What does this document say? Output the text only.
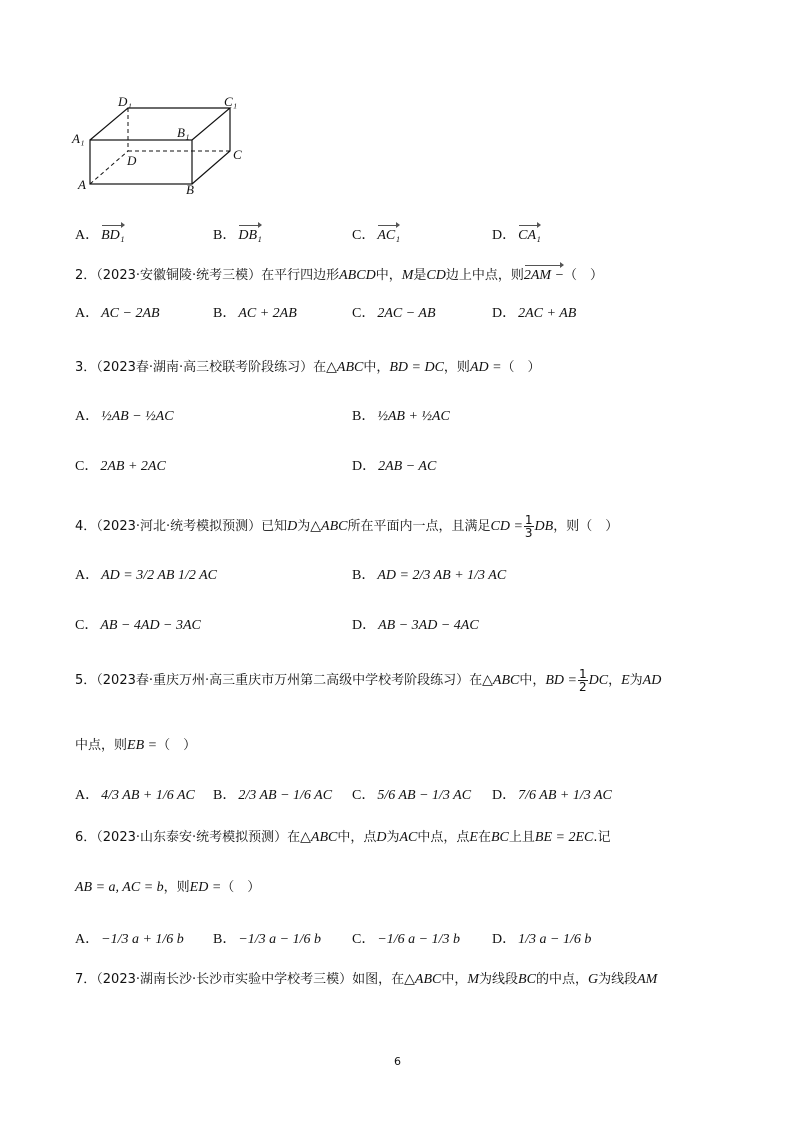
D₁	C₁
A₁	B₁
D	C
A	B
A． BD₁	B． DB₁	C． AC₁	D． CA₁
2．（2023·安徽铜陵·统考三模）在平行四边形ABCD中，M是CD边上中点，则2AM −（　）
A． AC − 2AB	B． AC + 2AB	C． 2AC − AB	D． 2AC + AB
3．（2023春·湖南·高三校联考阶段练习）在△ABC中，BD = DC，则AD =（　）
A． ½AB − ½AC	B． ½AB + ½AC
C． 2AB + 2AC	D． 2AB − AC
4．（2023·河北·统考模拟预测）已知D为△ABC所在平面内一点，且满足CD = $\frac{1}{3}$ DB，则（　）
A． AD = 3/2 AB 1/2 AC	B． AD = 2/3 AB + 1/3 AC
C． AB − 4AD − 3AC	D． AB − 3AD − 4AC
5．（2023春·重庆万州·高三重庆市万州第二高级中学校考阶段练习）在△ABC中，BD = $\frac{1}{2}$ DC，E为AD
中点，则EB =（　）
A． 4/3 AB + 1/6 AC B． 2/3 AB − 1/6 AC C． 5/6 AB − 1/3 AC D． 7/6 AB + 1/3 AC
6．（2023·山东泰安·统考模拟预测）在△ABC中，点D为AC中点，点E在BC上且BE = 2EC.记
AB = a, AC = b，则ED =（　）
A． −1/3 a + 1/6 b B． −1/3 a − 1/6 b C． −1/6 a − 1/3 b D． 1/3 a − 1/6 b
7．（2023·湖南长沙·长沙市实验中学校考三模）如图，在△ABC中，M为线段BC的中点，G为线段AM
6
